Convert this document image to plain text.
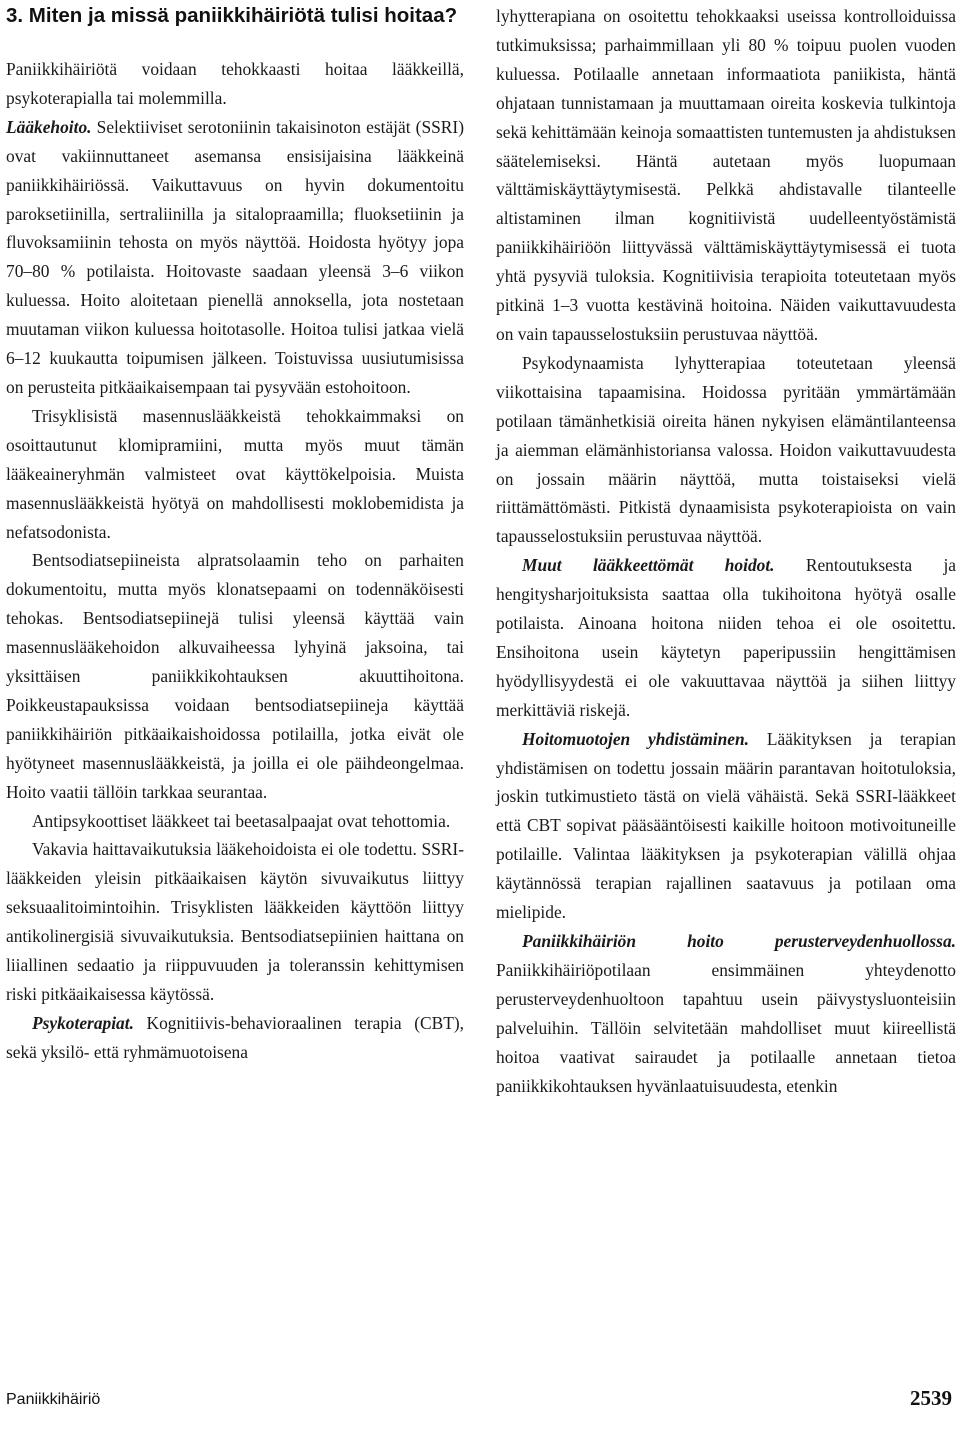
3. Miten ja missä paniikkihäiriötä tulisi hoitaa?

Paniikkihäiriötä voidaan tehokkaasti hoitaa lääkkeillä, psykoterapialla tai molemmilla.

Lääkehoito. Selektiiviset serotoniinin takaisinoton estäjät (SSRI) ovat vakiinnuttaneet asemansa ensisijaisina lääkkeinä paniikkihäiriössä. Vaikuttavuus on hyvin dokumentoitu paroksetiinilla, sertraliinilla ja sitalopraamilla; fluoksetiinin ja fluvoksamiinin tehosta on myös näyttöä. Hoidosta hyötyy jopa 70–80 % potilaista. Hoitovaste saadaan yleensä 3–6 viikon kuluessa. Hoito aloitetaan pienellä annoksella, jota nostetaan muutaman viikon kuluessa hoitotasolle. Hoitoa tulisi jatkaa vielä 6–12 kuukautta toipumisen jälkeen. Toistuvissa uusiutumisissa on perusteita pitkäaikaisempaan tai pysyvään estohoitoon.

Trisyklisistä masennuslääkkeistä tehokkaimmaksi on osoittautunut klomipramiini, mutta myös muut tämän lääkeaineryhmän valmisteet ovat käyttökelpoisia. Muista masennuslääkkeistä hyötyä on mahdollisesti moklobemidista ja nefatsodonista.

Bentsodiatsepiineista alpratsolaamin teho on parhaiten dokumentoitu, mutta myös klonatsepaami on todennäköisesti tehokas. Bentsodiatsepiinejä tulisi yleensä käyttää vain masennuslääkehoidon alkuvaiheessa lyhyinä jaksoina, tai yksittäisen paniikkikohtauksen akuuttihoitona. Poikkeustapauksissa voidaan bentsodiatsepiineja käyttää paniikkihäiriön pitkäaikaishoidossa potilailla, jotka eivät ole hyötyneet masennuslääkkeistä, ja joilla ei ole päihdeongelmaa. Hoito vaatii tällöin tarkkaa seurantaa.

Antipsykoottiset lääkkeet tai beetasalpaajat ovat tehottomia.

Vakavia haittavaikutuksia lääkehoidoista ei ole todettu. SSRI-lääkkeiden yleisin pitkäaikaisen käytön sivuvaikutus liittyy seksuaalitoimintoihin. Trisyklisten lääkkeiden käyttöön liittyy antikolinergisiä sivuvaikutuksia. Bentsodiatsepiinien haittana on liiallinen sedaatio ja riippuvuuden ja toleranssin kehittymisen riski pitkäaikaisessa käytössä.

Psykoterapiat. Kognitiivis-behavioraalinen terapia (CBT), sekä yksilö- että ryhmämuotoisena

lyhytterapiana on osoitettu tehokkaaksi useissa kontrolloiduissa tutkimuksissa; parhaimmillaan yli 80 % toipuu puolen vuoden kuluessa. Potilaalle annetaan informaatiota paniikista, häntä ohjataan tunnistamaan ja muuttamaan oireita koskevia tulkintoja sekä kehittämään keinoja somaattisten tuntemusten ja ahdistuksen säätelemiseksi. Häntä autetaan myös luopumaan välttämiskäyttäytymisestä. Pelkkä ahdistavalle tilanteelle altistaminen ilman kognitiivistä uudelleentyöstämistä paniikkihäiriöön liittyvässä välttämiskäyttäytymisessä ei tuota yhtä pysyviä tuloksia. Kognitiivisia terapioita toteutetaan myös pitkinä 1–3 vuotta kestävinä hoitoina. Näiden vaikuttavuudesta on vain tapausselostuksiin perustuvaa näyttöä.

Psykodynaamista lyhytterapiaa toteutetaan yleensä viikottaisina tapaamisina. Hoidossa pyritään ymmärtämään potilaan tämänhetkisiä oireita hänen nykyisen elämäntilanteensa ja aiemman elämänhistoriansa valossa. Hoidon vaikuttavuudesta on jossain määrin näyttöä, mutta toistaiseksi vielä riittämättömästi. Pitkistä dynaamisista psykoterapioista on vain tapausselostuksiin perustuvaa näyttöä.

Muut lääkkeettömät hoidot. Rentoutuksesta ja hengitysharjoituksista saattaa olla tukihoitona hyötyä osalle potilaista. Ainoana hoitona niiden tehoa ei ole osoitettu. Ensihoitona usein käytetyn paperipussiin hengittämisen hyödyllisyydestä ei ole vakuuttavaa näyttöä ja siihen liittyy merkittäviä riskejä.

Hoitomuotojen yhdistäminen. Lääkityksen ja terapian yhdistämisen on todettu jossain määrin parantavan hoitotuloksia, joskin tutkimustieto tästä on vielä vähäistä. Sekä SSRI-lääkkeet että CBT sopivat pääsääntöisesti kaikille hoitoon motivoituneille potilaille. Valintaa lääkityksen ja psykoterapian välillä ohjaa käytännössä terapian rajallinen saatavuus ja potilaan oma mielipide.

Paniikkihäiriön hoito perusterveydenhuollossa. Paniikkihäiriöpotilaan ensimmäinen yhteydenotto perusterveydenhuoltoon tapahtuu usein päivystysluonteisiin palveluihin. Tällöin selvitetään mahdolliset muut kiireellistä hoitoa vaativat sairaudet ja potilaalle annetaan tietoa paniikkikohtauksen hyvänlaatuisuudesta, etenkin

Paniikkihäiriö	2539
